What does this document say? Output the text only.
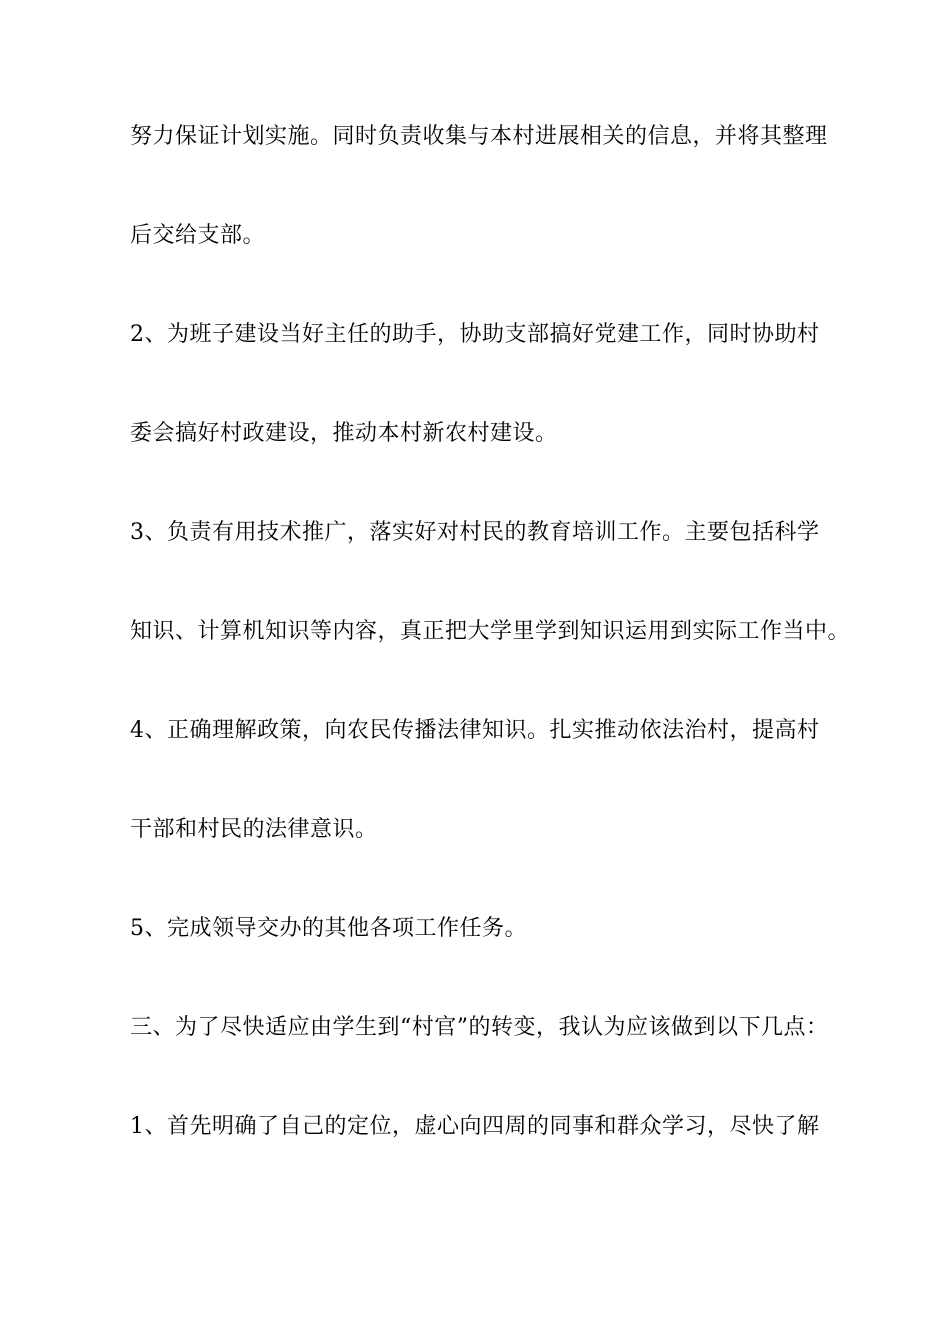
努力保证计划实施。同时负责收集与本村进展相关的信息，并将其整理

后交给支部。

2、为班子建设当好主任的助手，协助支部搞好党建工作，同时协助村

委会搞好村政建设，推动本村新农村建设。

3、负责有用技术推广，落实好对村民的教育培训工作。主要包括科学

知识、计算机知识等内容，真正把大学里学到知识运用到实际工作当中。

4、正确理解政策，向农民传播法律知识。扎实推动依法治村，提高村

干部和村民的法律意识。

5、完成领导交办的其他各项工作任务。

三、为了尽快适应由学生到“村官”的转变，我认为应该做到以下几点：

1、首先明确了自己的定位，虚心向四周的同事和群众学习，尽快了解
